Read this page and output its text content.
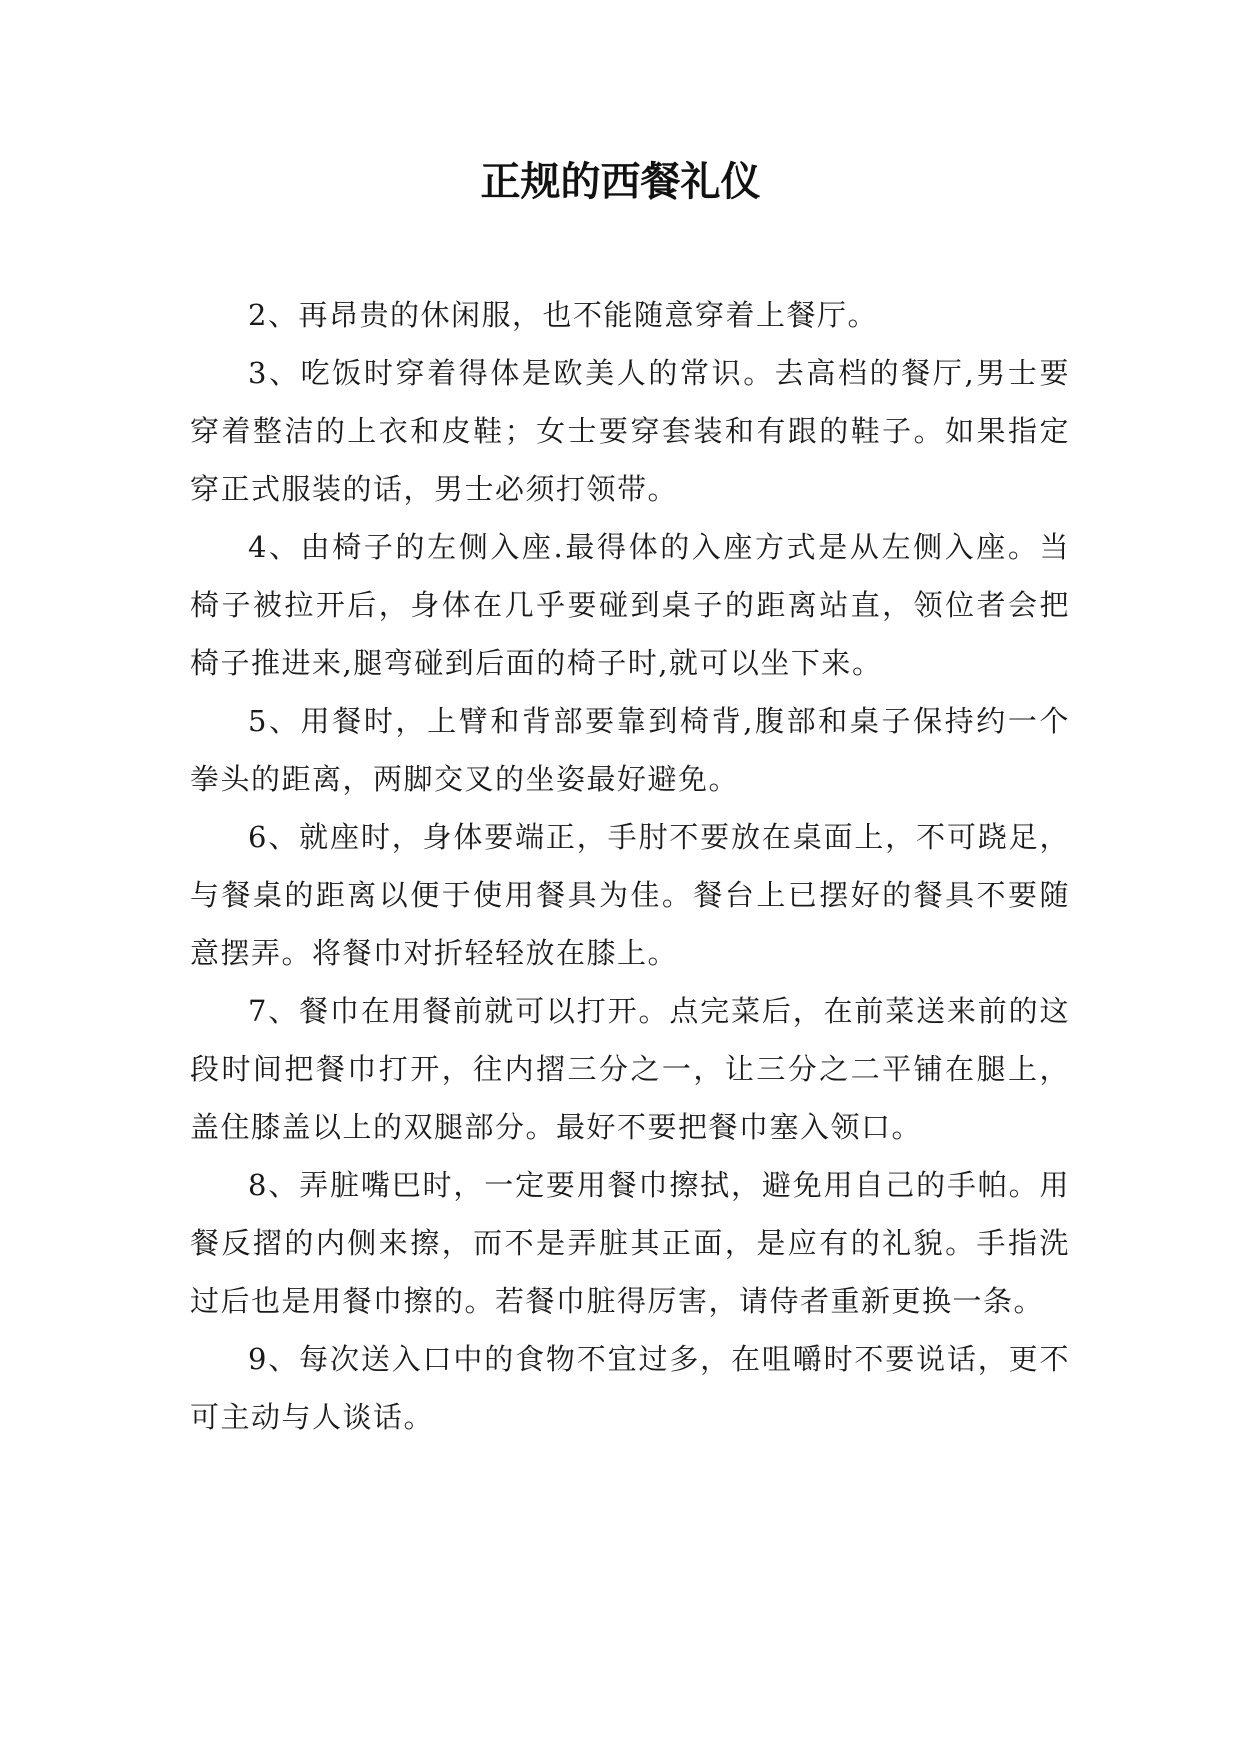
正规的西餐礼仪

2、再昂贵的休闲服，也不能随意穿着上餐厅。

3、吃饭时穿着得体是欧美人的常识。去高档的餐厅,男士要穿着整洁的上衣和皮鞋；女士要穿套装和有跟的鞋子。如果指定穿正式服装的话，男士必须打领带。

4、由椅子的左侧入座.最得体的入座方式是从左侧入座。当椅子被拉开后，身体在几乎要碰到桌子的距离站直，领位者会把椅子推进来,腿弯碰到后面的椅子时,就可以坐下来。

5、用餐时，上臂和背部要靠到椅背,腹部和桌子保持约一个拳头的距离，两脚交叉的坐姿最好避免。

6、就座时，身体要端正，手肘不要放在桌面上，不可跷足，与餐桌的距离以便于使用餐具为佳。餐台上已摆好的餐具不要随意摆弄。将餐巾对折轻轻放在膝上。

7、餐巾在用餐前就可以打开。点完菜后，在前菜送来前的这段时间把餐巾打开，往内摺三分之一，让三分之二平铺在腿上，盖住膝盖以上的双腿部分。最好不要把餐巾塞入领口。

8、弄脏嘴巴时，一定要用餐巾擦拭，避免用自己的手帕。用餐反摺的内侧来擦，而不是弄脏其正面，是应有的礼貌。手指洗过后也是用餐巾擦的。若餐巾脏得厉害，请侍者重新更换一条。

9、每次送入口中的食物不宜过多，在咀嚼时不要说话，更不可主动与人谈话。
